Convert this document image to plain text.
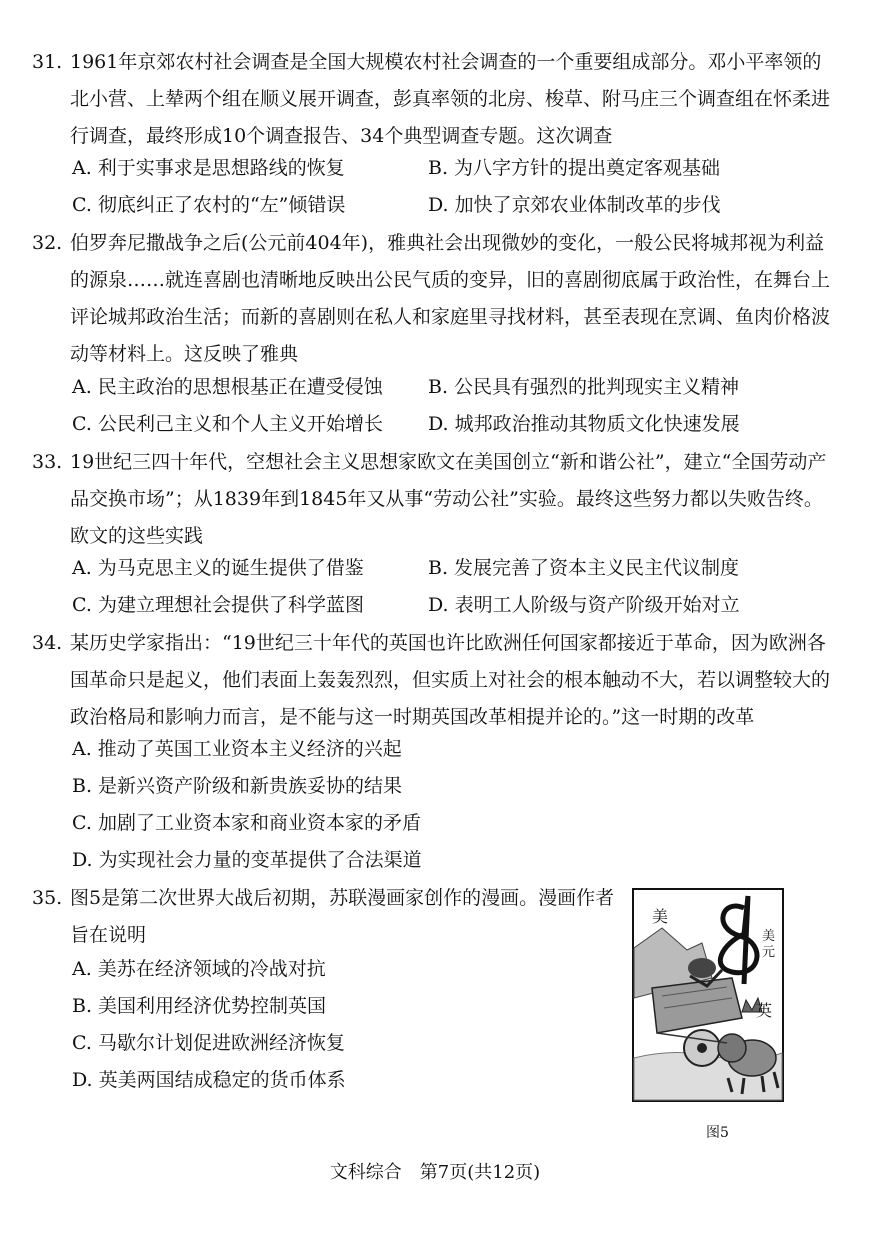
31. 1961年京郊农村社会调查是全国大规模农村社会调查的一个重要组成部分。邓小平率领的北小营、上辇两个组在顺义展开调查，彭真率领的北房、梭草、附马庄三个调查组在怀柔进行调查，最终形成10个调查报告、34个典型调查专题。这次调查
A. 利于实事求是思想路线的恢复	B. 为八字方针的提出奠定客观基础
C. 彻底纠正了农村的“左”倾错误	D. 加快了京郊农业体制改革的步伐
32. 伯罗奔尼撒战争之后(公元前404年)，雅典社会出现微妙的变化，一般公民将城邦视为利益的源泉……就连喜剧也清晰地反映出公民气质的变异，旧的喜剧彻底属于政治性，在舞台上评论城邦政治生活；而新的喜剧则在私人和家庭里寻找材料，甚至表现在烹调、鱼肉价格波动等材料上。这反映了雅典
A. 民主政治的思想根基正在遭受侵蚀 B. 公民具有强烈的批判现实主义精神
C. 公民利己主义和个人主义开始增长 D. 城邦政治推动其物质文化快速发展
33. 19世纪三四十年代，空想社会主义思想家欧文在美国创立“新和谐公社”，建立“全国劳动产品交换市场”；从1839年到1845年又从事“劳动公社”实验。最终这些努力都以失败告终。欧文的这些实践
A. 为马克思主义的诞生提供了借鉴	B. 发展完善了资本主义民主代议制度
C. 为建立理想社会提供了科学蓝图	D. 表明工人阶级与资产阶级开始对立
34. 某历史学家指出：“19世纪三十年代的英国也许比欧洲任何国家都接近于革命，因为欧洲各国革命只是起义，他们表面上轰轰烈烈，但实质上对社会的根本触动不大，若以调整较大的政治格局和影响力而言，是不能与这一时期英国改革相提并论的。”这一时期的改革
A. 推动了英国工业资本主义经济的兴起
B. 是新兴资产阶级和新贵族妥协的结果
C. 加剧了工业资本家和商业资本家的矛盾
D. 为实现社会力量的变革提供了合法渠道
35. 图5是第二次世界大战后初期，苏联漫画家创作的漫画。漫画作者旨在说明
A. 美苏在经济领域的冷战对抗
B. 美国利用经济优势控制英国
C. 马歇尔计划促进欧洲经济恢复
D. 英美两国结成稳定的货币体系
美
美
元
英
图5
文科综合　第7页(共12页)
